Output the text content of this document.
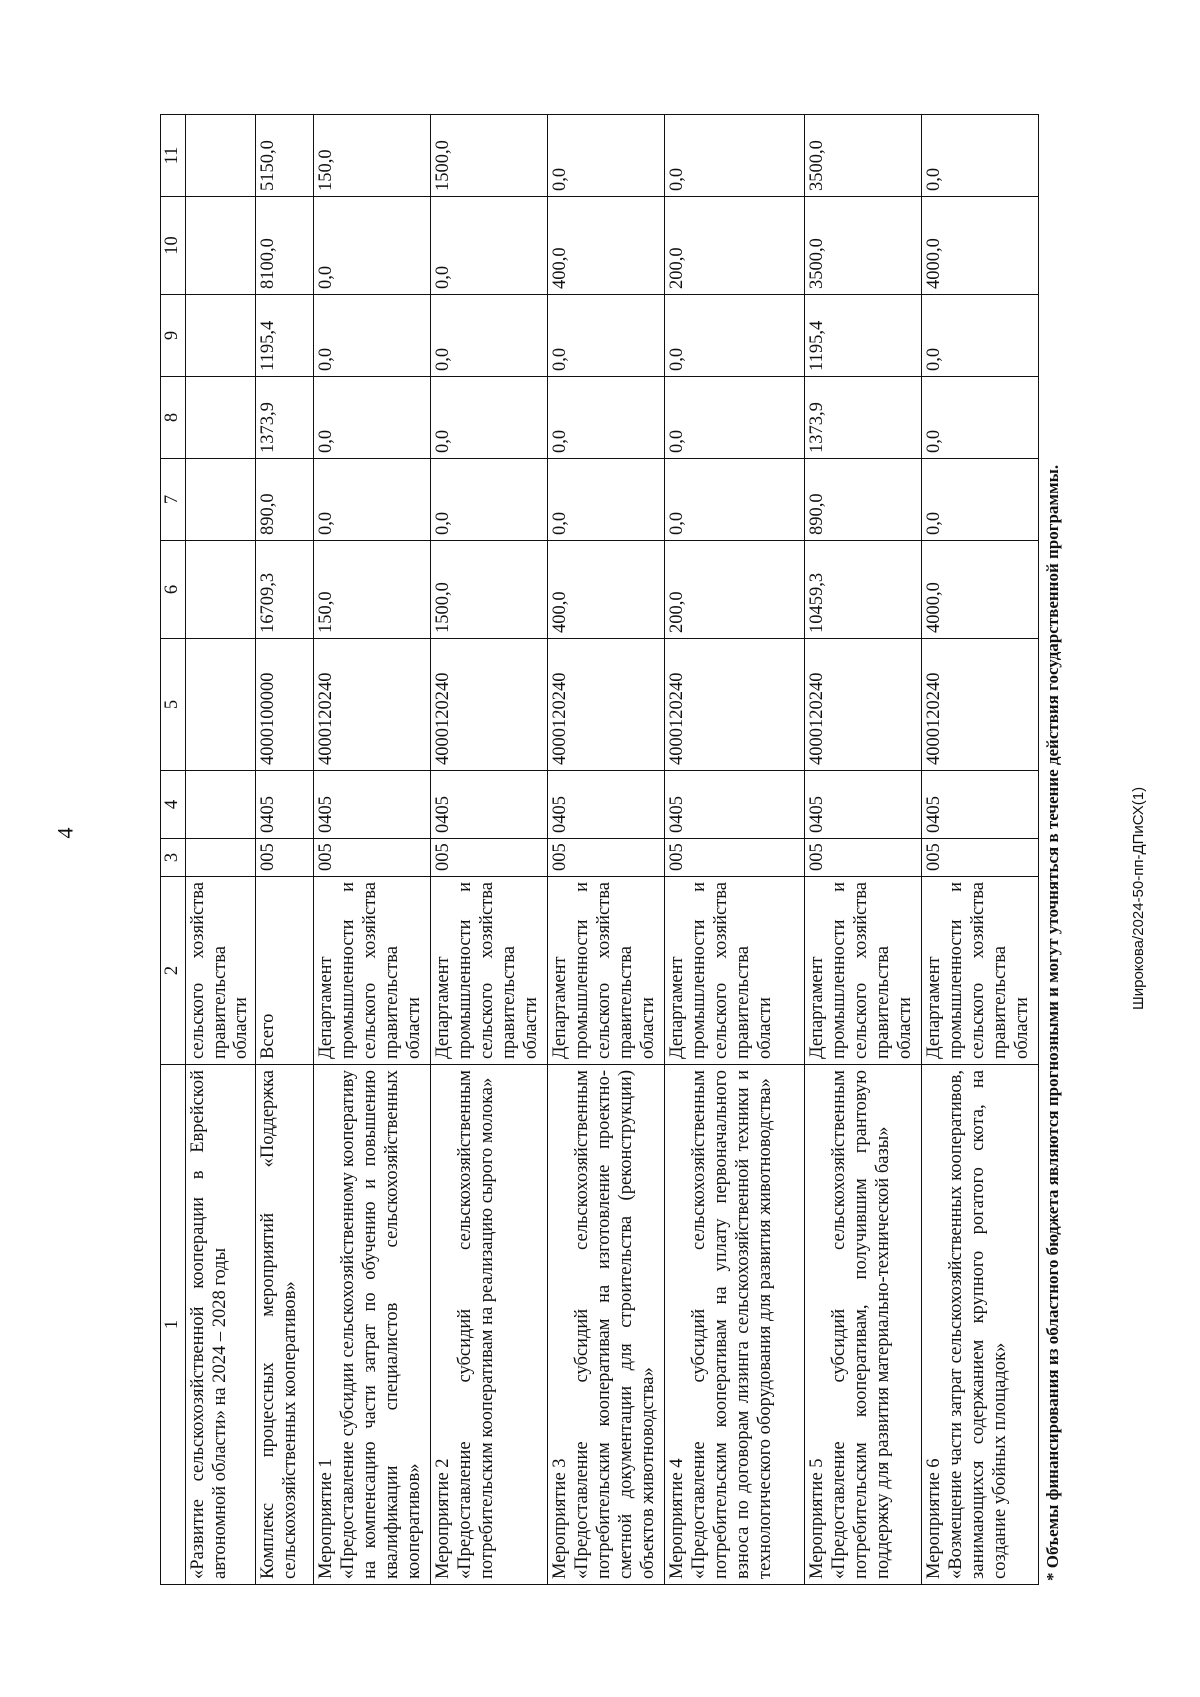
4
1	2	3	4	5	6	7	8	9	10	11

«Развитие сельскохозяйственной кооперации в Еврейской автономной области» на 2024 – 2028 годы	сельского хозяйства правительства области									

Комплекс процессных мероприятий «Поддержка сельскохозяйственных кооперативов»	Всего	005	0405	4000100000	16709,3	890,0	1373,9	1195,4	8100,0	5150,0

Мероприятие 1 «Предоставление субсидии сельскохозяйственному кооперативу на компенсацию части затрат по обучению и повышению квалификации специалистов сельскохозяйственных кооперативов»	Департамент промышленности и сельского хозяйства правительства области	005	0405	4000120240	150,0	0,0	0,0	0,0	0,0	150,0

Мероприятие 2 «Предоставление субсидий сельскохозяйственным потребительским кооперативам на реализацию сырого молока»	Департамент промышленности и сельского хозяйства правительства области	005	0405	4000120240	1500,0	0,0	0,0	0,0	0,0	1500,0

Мероприятие 3 «Предоставление субсидий сельскохозяйственным потребительским кооперативам на изготовление проектно-сметной документации для строительства (реконструкции) объектов животноводства»	Департамент промышленности и сельского хозяйства правительства области	005	0405	4000120240	400,0	0,0	0,0	0,0	400,0	0,0

Мероприятие 4 «Предоставление субсидий сельскохозяйственным потребительским кооперативам на уплату первоначального взноса по договорам лизинга сельскохозяйственной техники и технологического оборудования для развития животноводства»	Департамент промышленности и сельского хозяйства правительства области	005	0405	4000120240	200,0	0,0	0,0	0,0	200,0	0,0

Мероприятие 5 «Предоставление субсидий сельскохозяйственным потребительским кооперативам, получившим грантовую поддержку для развития материально-технической базы»	Департамент промышленности и сельского хозяйства правительства области	005	0405	4000120240	10459,3	890,0	1373,9	1195,4	3500,0	3500,0

Мероприятие 6 «Возмещение части затрат сельскохозяйственных кооперативов, занимающихся содержанием крупного рогатого скота, на создание убойных площадок»	Департамент промышленности и сельского хозяйства правительства области	005	0405	4000120240	4000,0	0,0	0,0	0,0	4000,0	0,0
* Объемы финансирования из областного бюджета являются прогнозными и могут уточняться в течение действия государственной программы.	Широкова/2024-50-пп-ДПиСХ(1)
